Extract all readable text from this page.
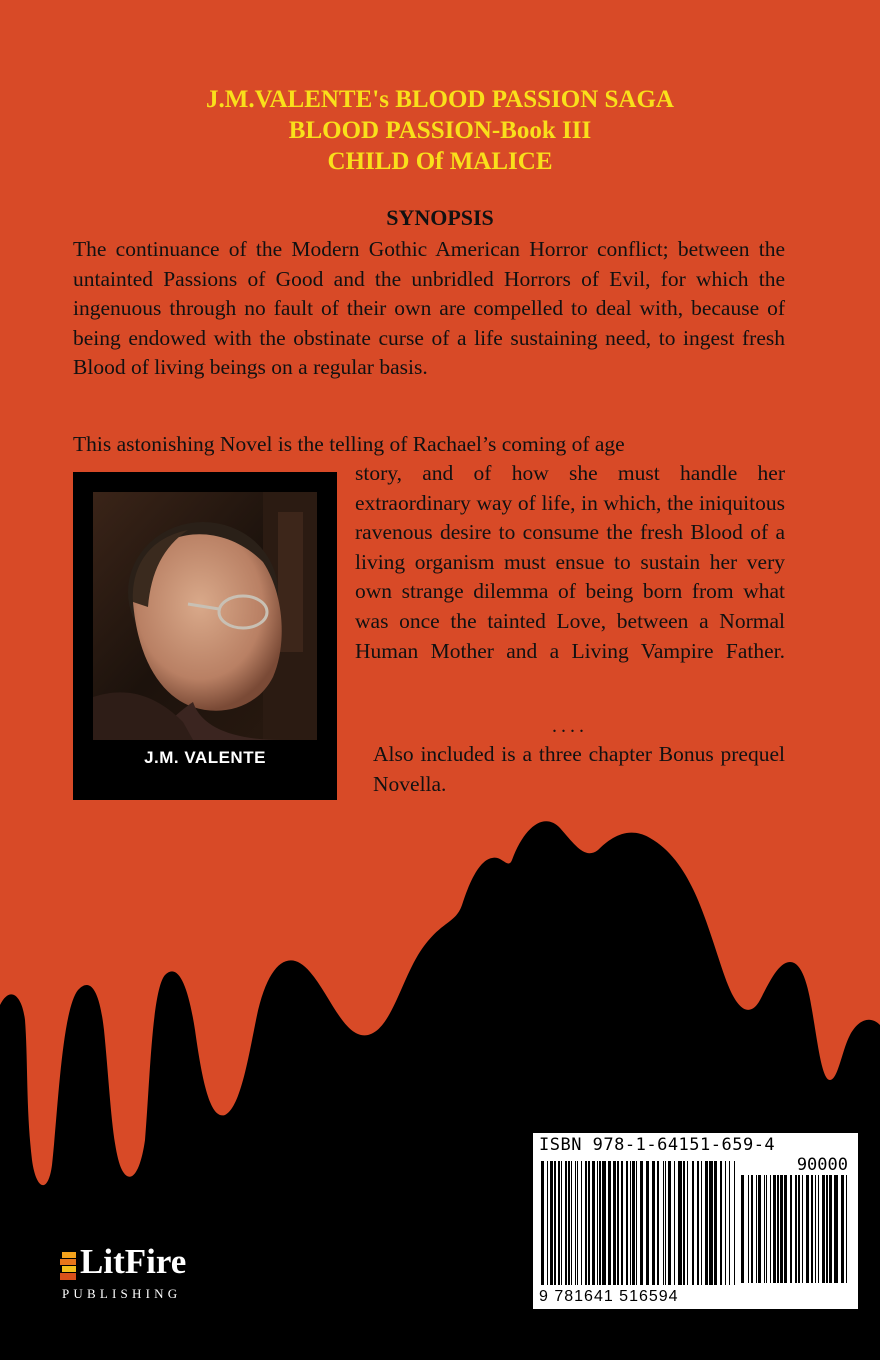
J.M.VALENTE's BLOOD PASSION SAGA
BLOOD PASSION-Book III
CHILD Of MALICE
SYNOPSIS
The continuance of the Modern Gothic American Horror conflict; between the untainted Passions of Good and the unbridled Horrors of Evil, for which the ingenuous through no fault of their own are compelled to deal with, because of being endowed with the obstinate curse of a life sustaining need, to ingest fresh Blood of living beings on a regular basis.
This astonishing Novel is the telling of Rachael’s coming of age
story, and of how she must handle her extraordinary way of life, in which, the iniquitous ravenous desire to consume the fresh Blood of a living organism must ensue to sustain her very own strange dilemma of being born from what was once the tainted Love, between a Normal Human Mother and a Living Vampire Father.
....
Also included is a three chapter Bonus prequel Novella.
J.M. VALENTE
ISBN 978-1-64151-659-4
90000
9 781641 516594
LitFire
PUBLISHING
